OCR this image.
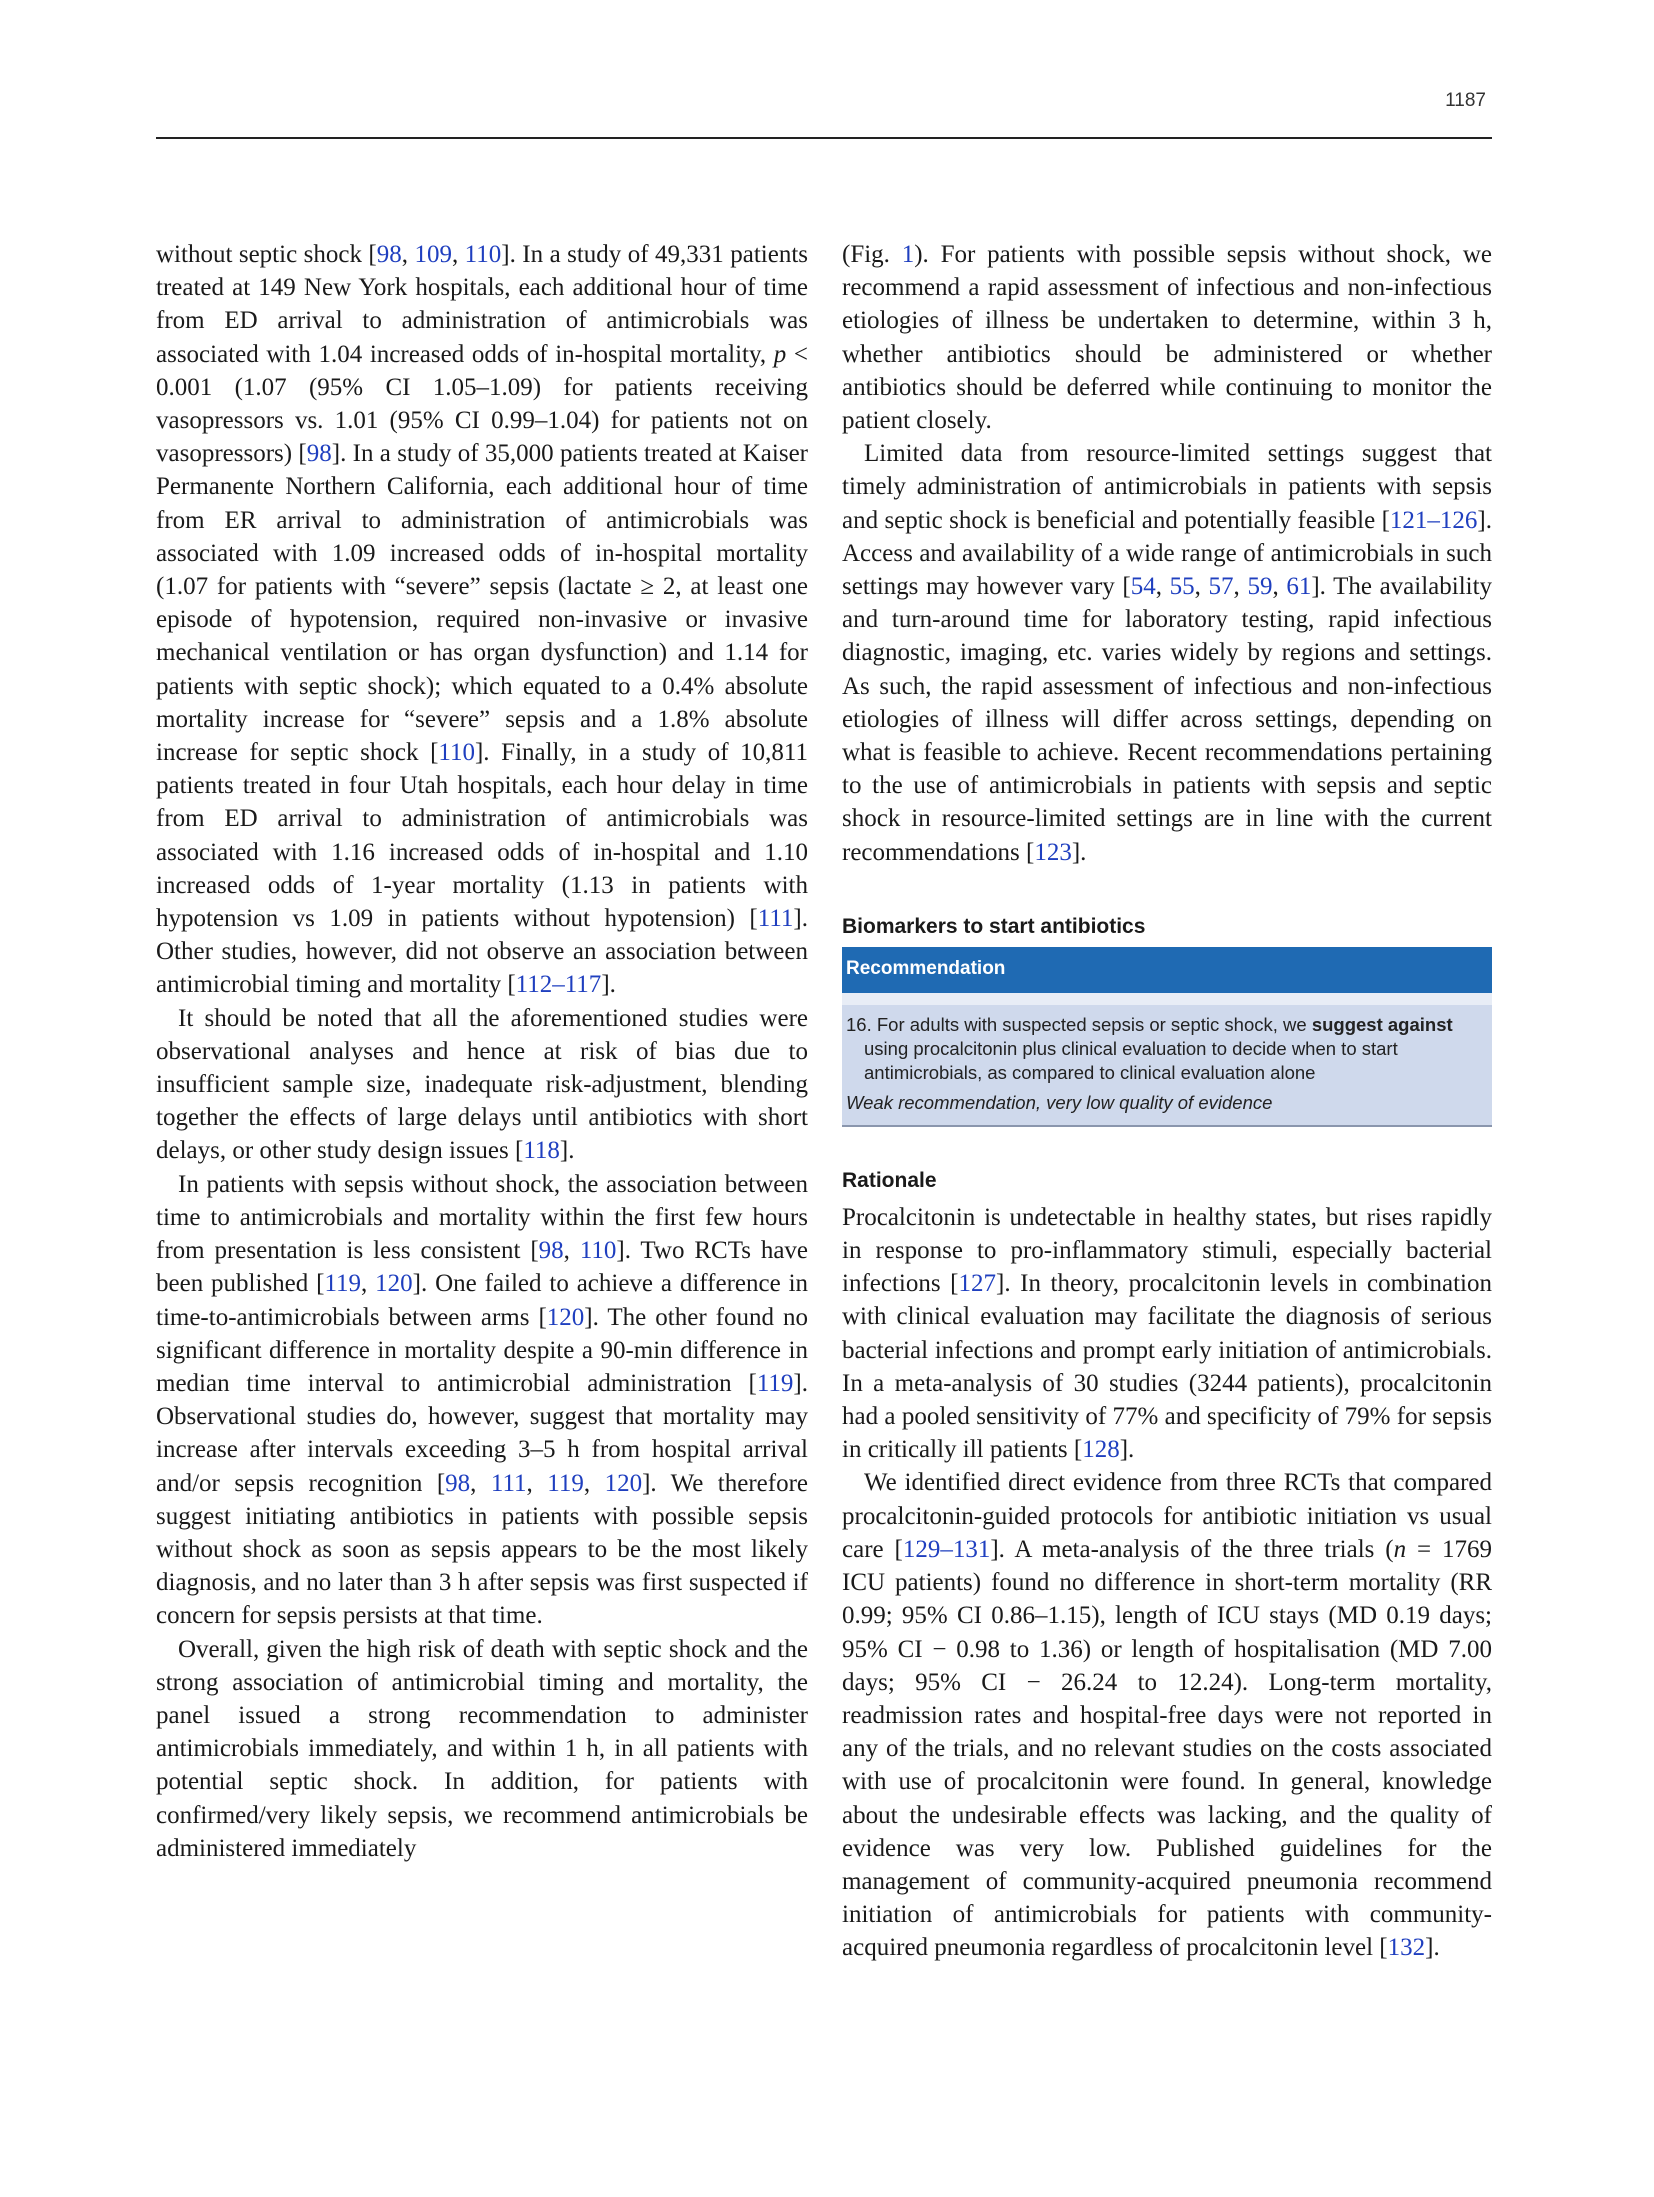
1187

without septic shock [98, 109, 110]. In a study of 49,331 patients treated at 149 New York hospitals, each additional hour of time from ED arrival to administration of antimicrobials was associated with 1.04 increased odds of in-hospital mortality, p < 0.001 (1.07 (95% CI 1.05–1.09) for patients receiving vasopressors vs. 1.01 (95% CI 0.99–1.04) for patients not on vasopressors) [98]. In a study of 35,000 patients treated at Kaiser Permanente Northern California, each additional hour of time from ER arrival to administration of antimicrobials was associated with 1.09 increased odds of in-hospital mortality (1.07 for patients with “severe” sepsis (lactate ≥ 2, at least one episode of hypotension, required non-invasive or invasive mechanical ventilation or has organ dysfunction) and 1.14 for patients with septic shock); which equated to a 0.4% absolute mortality increase for “severe” sepsis and a 1.8% absolute increase for septic shock [110]. Finally, in a study of 10,811 patients treated in four Utah hospitals, each hour delay in time from ED arrival to administration of antimicrobials was associated with 1.16 increased odds of in-hospital and 1.10 increased odds of 1-year mortality (1.13 in patients with hypotension vs 1.09 in patients without hypotension) [111]. Other studies, however, did not observe an association between antimicrobial timing and mortality [112–117].

It should be noted that all the aforementioned studies were observational analyses and hence at risk of bias due to insufficient sample size, inadequate risk-adjustment, blending together the effects of large delays until antibiotics with short delays, or other study design issues [118].

In patients with sepsis without shock, the association between time to antimicrobials and mortality within the first few hours from presentation is less consistent [98, 110]. Two RCTs have been published [119, 120]. One failed to achieve a difference in time-to-antimicrobials between arms [120]. The other found no significant difference in mortality despite a 90-min difference in median time interval to antimicrobial administration [119]. Observational studies do, however, suggest that mortality may increase after intervals exceeding 3–5 h from hospital arrival and/or sepsis recognition [98, 111, 119, 120]. We therefore suggest initiating antibiotics in patients with possible sepsis without shock as soon as sepsis appears to be the most likely diagnosis, and no later than 3 h after sepsis was first suspected if concern for sepsis persists at that time.

Overall, given the high risk of death with septic shock and the strong association of antimicrobial timing and mortality, the panel issued a strong recommendation to administer antimicrobials immediately, and within 1 h, in all patients with potential septic shock. In addition, for patients with confirmed/very likely sepsis, we recommend antimicrobials be administered immediately

(Fig. 1). For patients with possible sepsis without shock, we recommend a rapid assessment of infectious and non-infectious etiologies of illness be undertaken to determine, within 3 h, whether antibiotics should be administered or whether antibiotics should be deferred while continuing to monitor the patient closely.

Limited data from resource-limited settings suggest that timely administration of antimicrobials in patients with sepsis and septic shock is beneficial and potentially feasible [121–126]. Access and availability of a wide range of antimicrobials in such settings may however vary [54, 55, 57, 59, 61]. The availability and turn-around time for laboratory testing, rapid infectious diagnostic, imaging, etc. varies widely by regions and settings. As such, the rapid assessment of infectious and non-infectious etiologies of illness will differ across settings, depending on what is feasible to achieve. Recent recommendations pertaining to the use of antimicrobials in patients with sepsis and septic shock in resource-limited settings are in line with the current recommendations [123].

Biomarkers to start antibiotics
Recommendation
16. For adults with suspected sepsis or septic shock, we suggest against using procalcitonin plus clinical evaluation to decide when to start antimicrobials, as compared to clinical evaluation alone
Weak recommendation, very low quality of evidence
Rationale

Procalcitonin is undetectable in healthy states, but rises rapidly in response to pro-inflammatory stimuli, especially bacterial infections [127]. In theory, procalcitonin levels in combination with clinical evaluation may facilitate the diagnosis of serious bacterial infections and prompt early initiation of antimicrobials. In a meta-analysis of 30 studies (3244 patients), procalcitonin had a pooled sensitivity of 77% and specificity of 79% for sepsis in critically ill patients [128].

We identified direct evidence from three RCTs that compared procalcitonin-guided protocols for antibiotic initiation vs usual care [129–131]. A meta-analysis of the three trials (n = 1769 ICU patients) found no difference in short-term mortality (RR 0.99; 95% CI 0.86–1.15), length of ICU stays (MD 0.19 days; 95% CI − 0.98 to 1.36) or length of hospitalisation (MD 7.00 days; 95% CI − 26.24 to 12.24). Long-term mortality, readmission rates and hospital-free days were not reported in any of the trials, and no relevant studies on the costs associated with use of procalcitonin were found. In general, knowledge about the undesirable effects was lacking, and the quality of evidence was very low. Published guidelines for the management of community-acquired pneumonia recommend initiation of antimicrobials for patients with community-acquired pneumonia regardless of procalcitonin level [132].
